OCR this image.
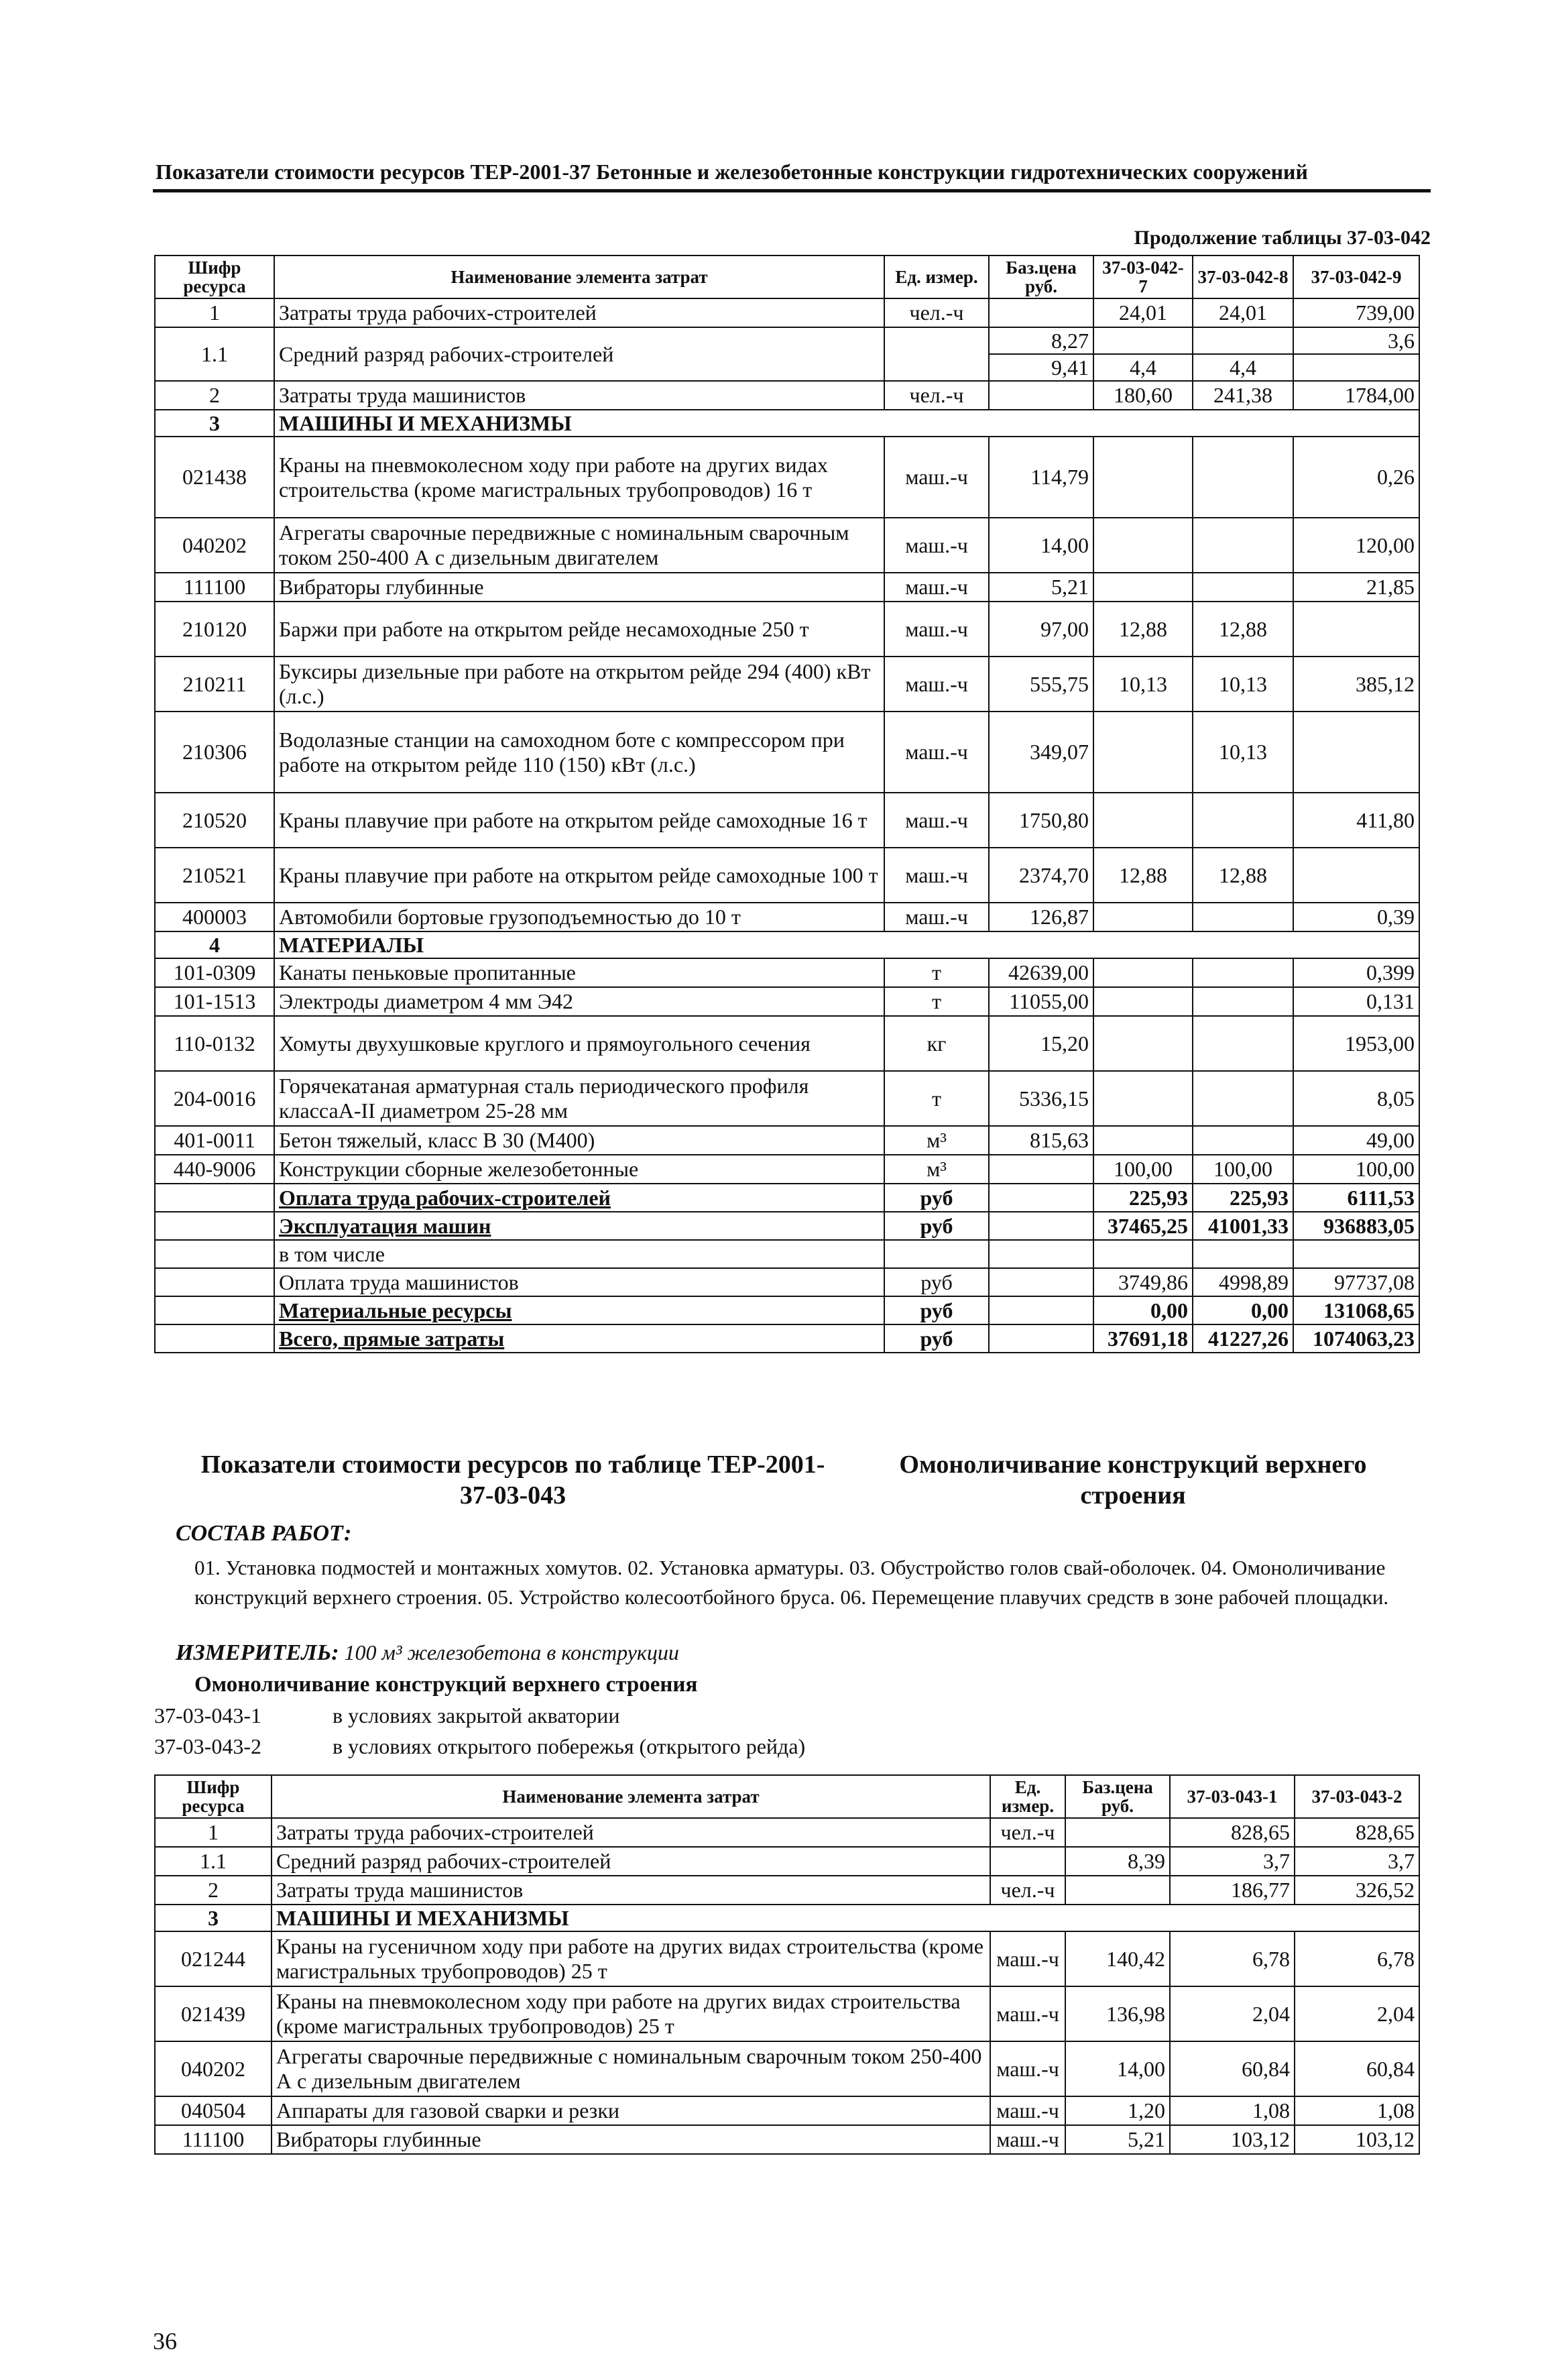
Показатели стоимости ресурсов ТЕР-2001-37 Бетонные и железобетонные конструкции гидротехнических сооружений
Продолжение таблицы 37-03-042
Шифр ресурса	Наименование элемента затрат	Ед. измер.	Баз.цена руб.	37-03-042-7	37-03-042-8	37-03-042-9
1	Затраты труда рабочих-строителей	чел.-ч		24,01	24,01	739,00
1.1	Средний разряд рабочих-строителей		8,27			3,6
			9,41	4,4	4,4	
2	Затраты труда машинистов	чел.-ч		180,60	241,38	1784,00
3	МАШИНЫ И МЕХАНИЗМЫ					
021438	Краны на пневмоколесном ходу при работе на других видах строительства (кроме магистральных трубопроводов) 16 т	маш.-ч	114,79			0,26
040202	Агрегаты сварочные передвижные с номинальным сварочным током 250-400 А с дизельным двигателем	маш.-ч	14,00			120,00
111100	Вибраторы глубинные	маш.-ч	5,21			21,85
210120	Баржи при работе на открытом рейде несамоходные 250 т	маш.-ч	97,00	12,88	12,88	
210211	Буксиры дизельные при работе на открытом рейде 294 (400) кВт (л.с.)	маш.-ч	555,75	10,13	10,13	385,12
210306	Водолазные станции на самоходном боте с компрессором при работе на открытом рейде 110 (150) кВт (л.с.)	маш.-ч	349,07		10,13	
210520	Краны плавучие при работе на открытом рейде самоходные 16 т	маш.-ч	1750,80			411,80
210521	Краны плавучие при работе на открытом рейде самоходные 100 т	маш.-ч	2374,70	12,88	12,88	
400003	Автомобили бортовые грузоподъемностью до 10 т	маш.-ч	126,87			0,39
4	МАТЕРИАЛЫ					
101-0309	Канаты пеньковые пропитанные	т	42639,00			0,399
101-1513	Электроды диаметром 4 мм Э42	т	11055,00			0,131
110-0132	Хомуты двухушковые круглого и прямоугольного сечения	кг	15,20			1953,00
204-0016	Горячекатаная арматурная сталь периодического профиля классаА-II диаметром 25-28 мм	т	5336,15			8,05
401-0011	Бетон тяжелый, класс В 30 (М400)	м³	815,63			49,00
440-9006	Конструкции сборные железобетонные	м³		100,00	100,00	100,00
	Оплата труда рабочих-строителей	руб		225,93	225,93	6111,53
	Эксплуатация машин	руб		37465,25	41001,33	936883,05
	в том числе					
	Оплата труда машинистов	руб		3749,86	4998,89	97737,08
	Материальные ресурсы	руб		0,00	0,00	131068,65
	Всего, прямые затраты	руб		37691,18	41227,26	1074063,23
Показатели стоимости ресурсов по таблице ТЕР-2001-37-03-043
Омоноличивание конструкций верхнего строения
СОСТАВ РАБОТ:
01. Установка подмостей и монтажных хомутов. 02. Установка арматуры. 03. Обустройство голов свай-оболочек. 04. Омоноличивание конструкций верхнего строения. 05. Устройство колесоотбойного бруса. 06. Перемещение плавучих средств в зоне рабочей площадки.
ИЗМЕРИТЕЛЬ: 100 м³ железобетона в конструкции
Омоноличивание конструкций верхнего строения
37-03-043-1	в условиях закрытой акватории
37-03-043-2	в условиях открытого побережья (открытого рейда)
Шифр ресурса	Наименование элемента затрат	Ед. измер.	Баз.цена руб.	37-03-043-1	37-03-043-2
1	Затраты труда рабочих-строителей	чел.-ч		828,65	828,65
1.1	Средний разряд рабочих-строителей		8,39	3,7	3,7
2	Затраты труда машинистов	чел.-ч		186,77	326,52
3	МАШИНЫ И МЕХАНИЗМЫ				
021244	Краны на гусеничном ходу при работе на других видах строительства (кроме магистральных трубопроводов) 25 т	маш.-ч	140,42	6,78	6,78
021439	Краны на пневмоколесном ходу при работе на других видах строительства (кроме магистральных трубопроводов) 25 т	маш.-ч	136,98	2,04	2,04
040202	Агрегаты сварочные передвижные с номинальным сварочным током 250-400 А с дизельным двигателем	маш.-ч	14,00	60,84	60,84
040504	Аппараты для газовой сварки и резки	маш.-ч	1,20	1,08	1,08
111100	Вибраторы глубинные	маш.-ч	5,21	103,12	103,12
36
